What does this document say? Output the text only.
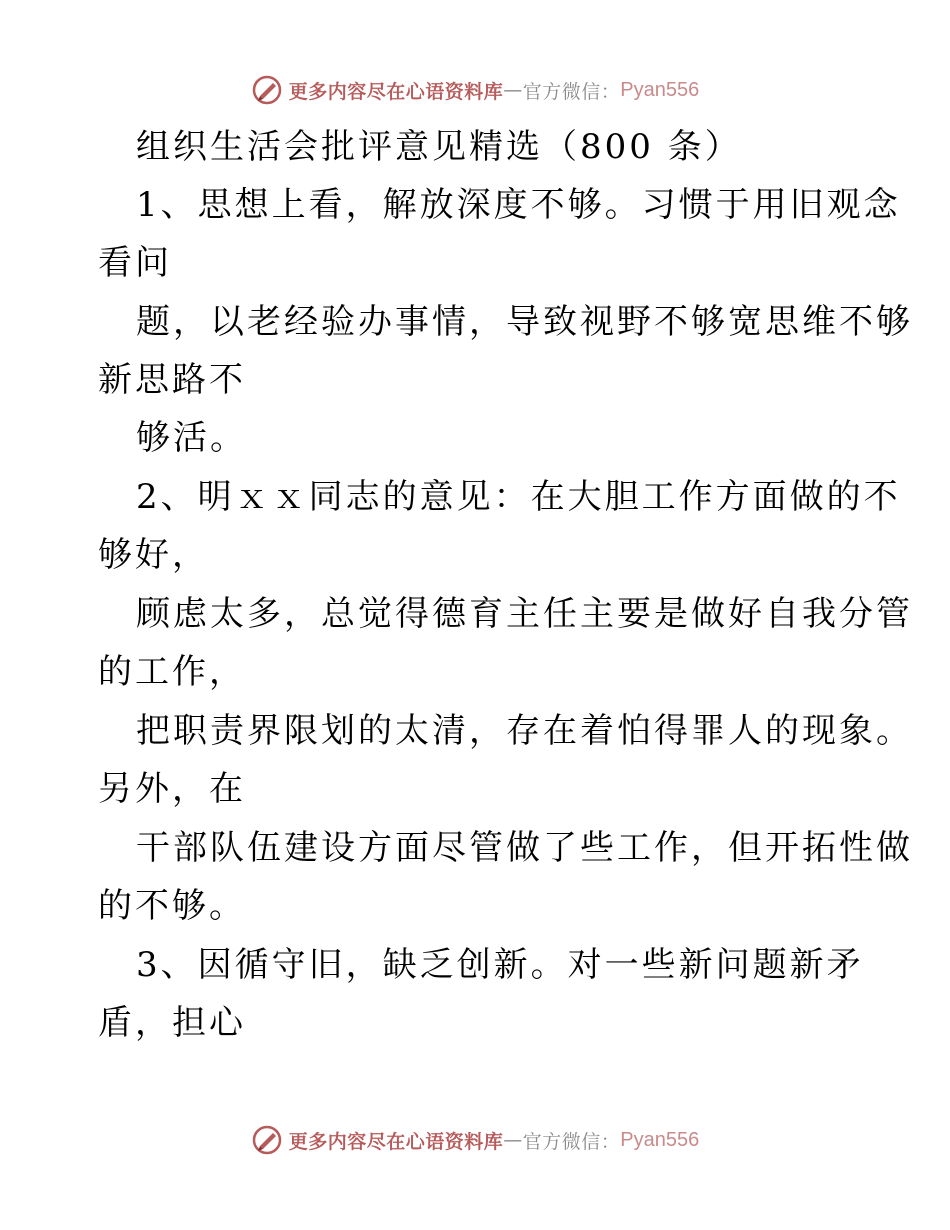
更多内容尽在心语资料库 — 官方微信： Pyan556
组织生活会批评意见精选（800 条）
1、思想上看，解放深度不够。习惯于用旧观念
看问
题，以老经验办事情，导致视野不够宽思维不够
新思路不
够活。
2、明ｘｘ同志的意见：在大胆工作方面做的不
够好，
顾虑太多，总觉得德育主任主要是做好自我分管
的工作，
把职责界限划的太清，存在着怕得罪人的现象。
另外，在
干部队伍建设方面尽管做了些工作，但开拓性做
的不够。
3、因循守旧，缺乏创新。对一些新问题新矛
盾，担心
更多内容尽在心语资料库 — 官方微信： Pyan556
